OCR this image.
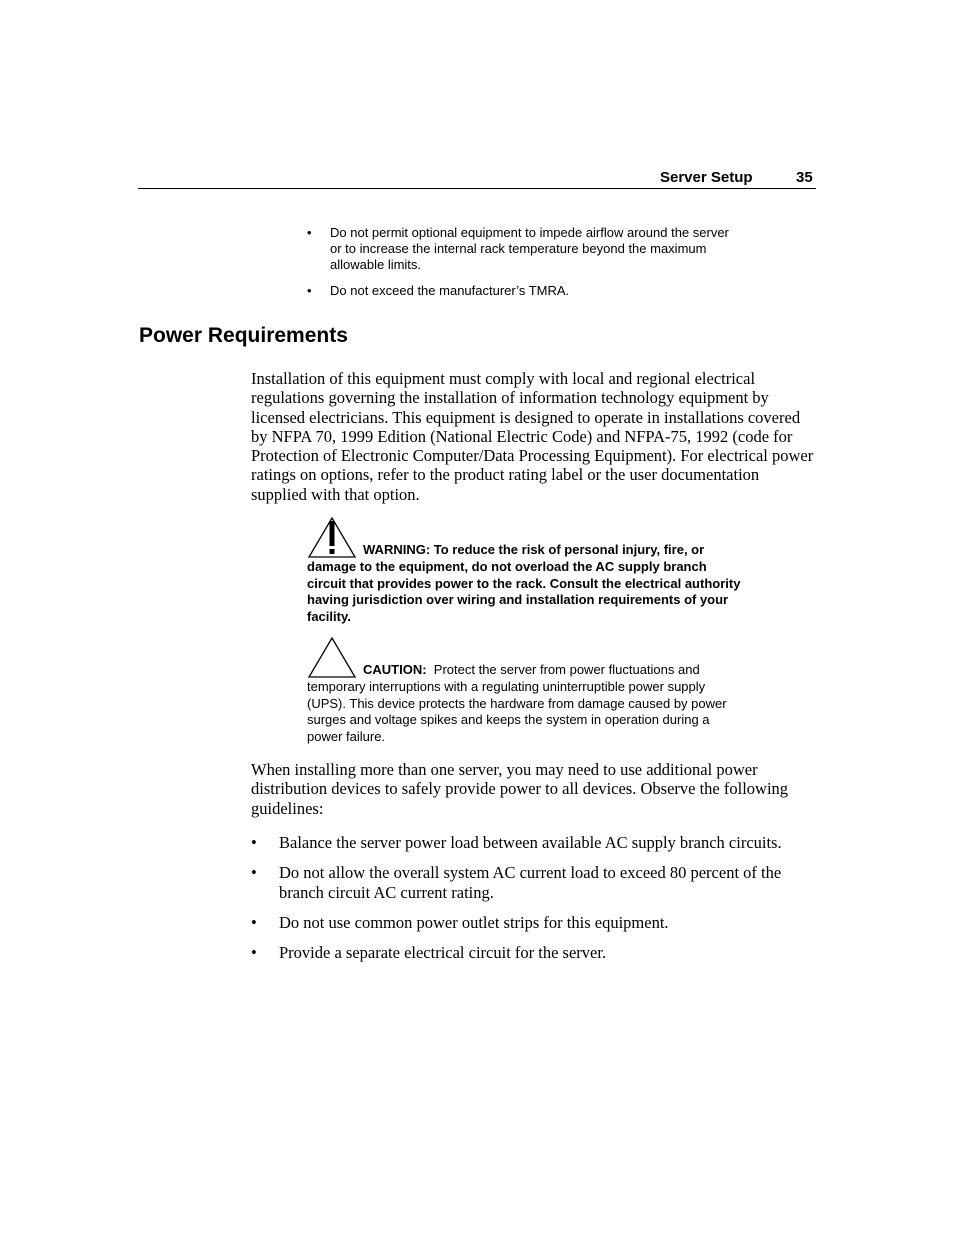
Server Setup	35
• Do not permit optional equipment to impede airflow around the server or to increase the internal rack temperature beyond the maximum allowable limits.
• Do not exceed the manufacturer’s TMRA.
Power Requirements

Installation of this equipment must comply with local and regional electrical regulations governing the installation of information technology equipment by licensed electricians. This equipment is designed to operate in installations covered by NFPA 70, 1999 Edition (National Electric Code) and NFPA-75, 1992 (code for Protection of Electronic Computer/Data Processing Equipment). For electrical power ratings on options, refer to the product rating label or the user documentation supplied with that option.

WARNING: To reduce the risk of personal injury, fire, or damage to the equipment, do not overload the AC supply branch circuit that provides power to the rack. Consult the electrical authority having jurisdiction over wiring and installation requirements of your facility.
CAUTION: Protect the server from power fluctuations and temporary interruptions with a regulating uninterruptible power supply (UPS). This device protects the hardware from damage caused by power surges and voltage spikes and keeps the system in operation during a power failure.

When installing more than one server, you may need to use additional power distribution devices to safely provide power to all devices. Observe the following guidelines:

• Balance the server power load between available AC supply branch circuits.
• Do not allow the overall system AC current load to exceed 80 percent of the branch circuit AC current rating.
• Do not use common power outlet strips for this equipment.
• Provide a separate electrical circuit for the server.
